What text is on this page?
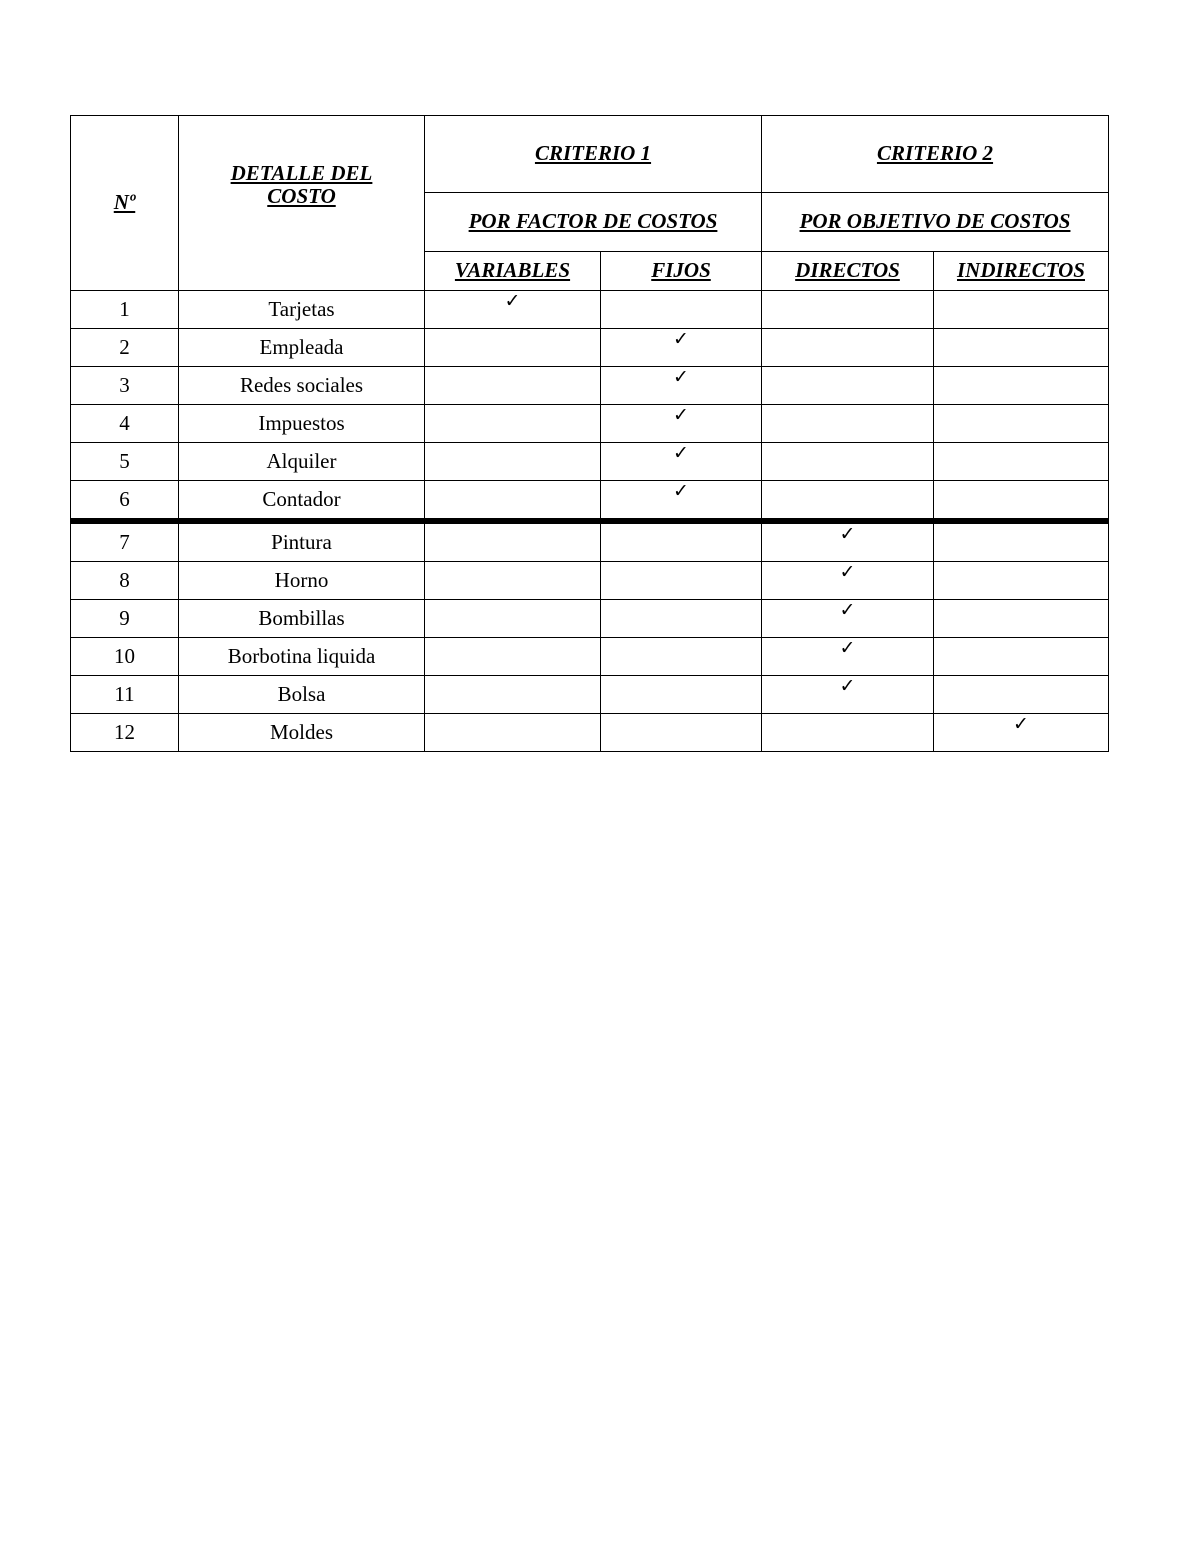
Nº	DETALLE DEL COSTO	CRITERIO 1		CRITERIO 2	
		POR FACTOR DE COSTOS		POR OBJETIVO DE COSTOS	
		VARIABLES	FIJOS	DIRECTOS	INDIRECTOS
1	Tarjetas	✓			
2	Empleada		✓		
3	Redes sociales		✓		
4	Impuestos		✓		
5	Alquiler		✓		
6	Contador		✓		
7	Pintura			✓	
8	Horno			✓	
9	Bombillas			✓	
10	Borbotina liquida			✓	
11	Bolsa			✓	
12	Moldes				✓
